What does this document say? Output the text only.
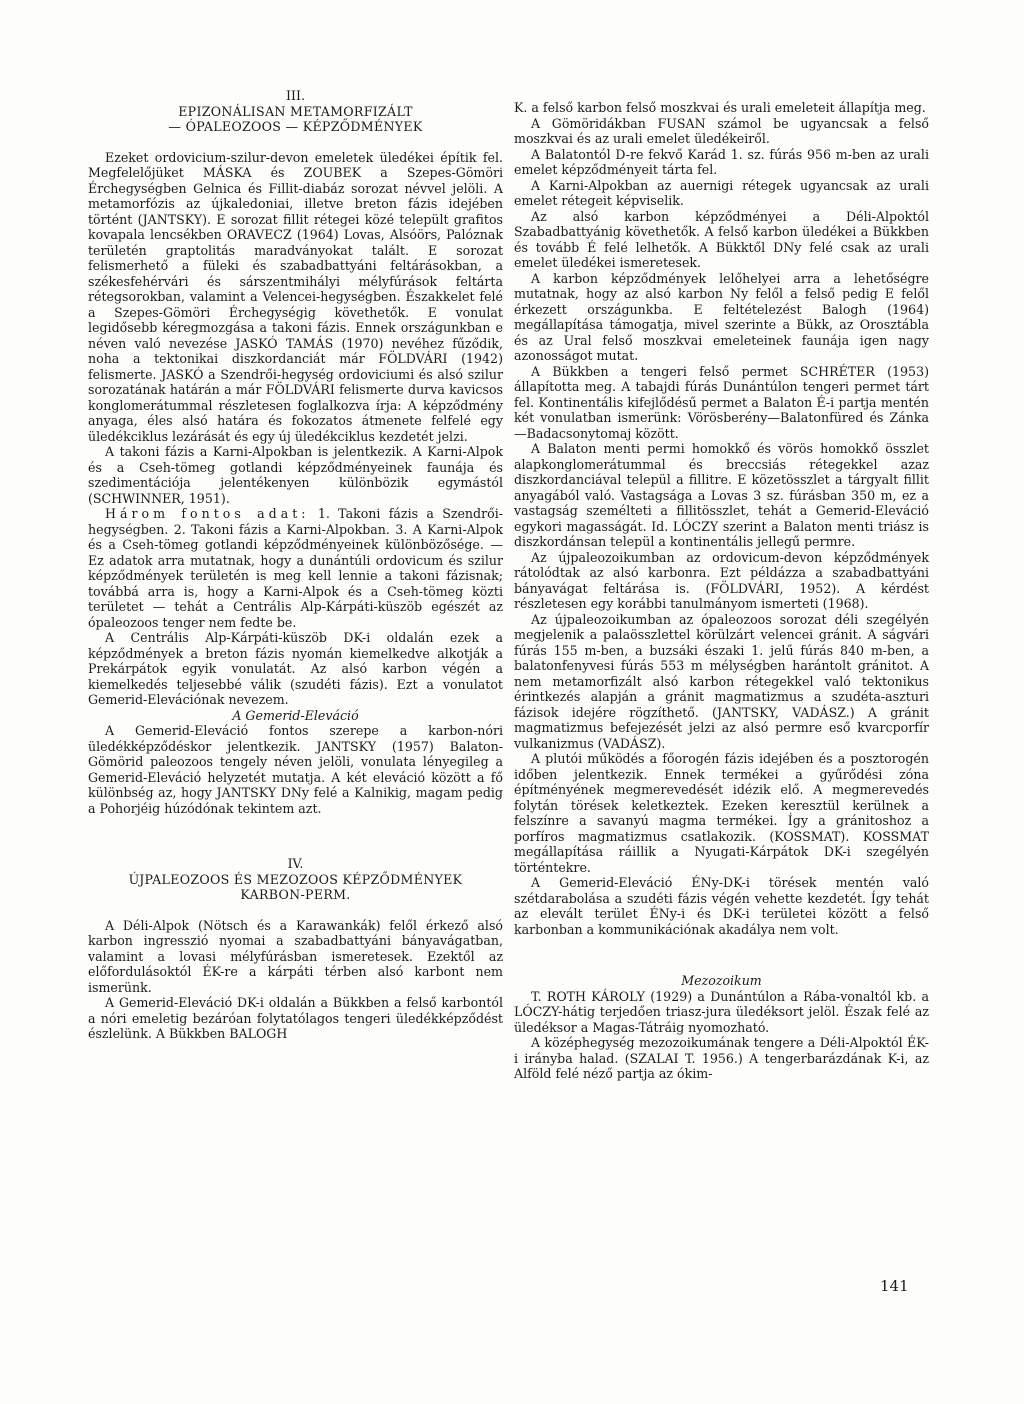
III.

EPIZONÁLISAN METAMORFIZÁLT
— ÓPALEOZOOS — KÉPZŐDMÉNYEK

Ezeket ordovicium-szilur-devon emeletek üledékei építik fel. Megfelelőjüket MÁSKA és ZOUBEK a Szepes-Gömöri Érchegységben Gelnica és Fillit-diabáz sorozat névvel jelöli. A metamorfózis az újkaledoniai, illetve breton fázis idejében történt (JANTSKY). E sorozat fillit rétegei közé települt grafitos kovapala lencsékben ORAVECZ (1964) Lovas, Alsóörs, Palóznak területén graptolitás maradványokat talált. E sorozat felismerhető a füleki és szabadbattyáni feltárásokban, a székesfehérvári és sárszentmihályi mélyfúrások feltárta rétegsorokban, valamint a Velencei-hegységben. Északkelet felé a Szepes-Gömöri Érchegységig követhetők. E vonulat legidősebb kéregmozgása a takoni fázis. Ennek országunkban e néven való nevezése JASKÓ TAMÁS (1970) nevéhez fűződik, noha a tektonikai diszkordanciát már FÖLDVÁRI (1942) felismerte. JASKÓ a Szendrői-hegység ordoviciumi és alsó szilur sorozatának határán a már FÖLDVÁRI felismerte durva kavicsos konglomerátummal részletesen foglalkozva írja: A képződmény anyaga, éles alsó határa és fokozatos átmenete felfelé egy üledékciklus lezárását és egy új üledékciklus kezdetét jelzi.

A takoni fázis a Karni-Alpokban is jelentkezik. A Karni-Alpok és a Cseh-tömeg gotlandi képződményeinek faunája és szedimentációja jelentékenyen különbözik egymástól (SCHWINNER, 1951).

Három fontos adat: 1. Takoni fázis a Szendrői-hegységben. 2. Takoni fázis a Karni-Alpokban. 3. A Karni-Alpok és a Cseh-tömeg gotlandi képződményeinek különbözősége. — Ez adatok arra mutatnak, hogy a dunántúli ordovicum és szilur képződmények területén is meg kell lennie a takoni fázisnak; továbbá arra is, hogy a Karni-Alpok és a Cseh-tömeg közti területet — tehát a Centrális Alp-Kárpáti-küszöb egészét az ópaleozoos tenger nem fedte be.

A Centrális Alp-Kárpáti-küszöb DK-i oldalán ezek a képződmények a breton fázis nyomán kiemelkedve alkotják a Prekárpátok egyik vonulatát. Az alsó karbon végén a kiemelkedés teljesebbé válik (szudéti fázis). Ezt a vonulatot Gemerid-Elevációnak nevezem.

A Gemerid-Eleváció

A Gemerid-Eleváció fontos szerepe a karbon-nóri üledékképződéskor jelentkezik. JANTSKY (1957) Balaton-Gömörid paleozoos tengely néven jelöli, vonulata lényegileg a Gemerid-Eleváció helyzetét mutatja. A két eleváció között a fő különbség az, hogy JANTSKY DNy felé a Kalnikig, magam pedig a Pohorjéig húzódónak tekintem azt.

IV.

ÚJPALEOZOOS ÉS MEZOZOOS KÉPZŐDMÉNYEK
KARBON-PERM.

A Déli-Alpok (Nötsch és a Karawankák) felől érkező alsó karbon ingresszió nyomai a szabadbattyáni bányavágatban, valamint a lovasi mélyfúrásban ismeretesek. Ezektől az előfordulásoktól ÉK-re a kárpáti térben alsó karbont nem ismerünk.

A Gemerid-Eleváció DK-i oldalán a Bükkben a felső karbontól a nóri emeletig bezáróan folytatólagos tengeri üledékképződést észlelünk. A Bükkben BALOGH

K. a felső karbon felső moszkvai és urali emeleteit állapítja meg.

A Gömöridákban FUSAN számol be ugyancsak a felső moszkvai és az urali emelet üledékeiről.

A Balatontól D-re fekvő Karád 1. sz. fúrás 956 m-ben az urali emelet képződményeit tárta fel.

A Karni-Alpokban az auernigi rétegek ugyancsak az urali emelet rétegeit képviselik.

Az alsó karbon képződményei a Déli-Alpoktól Szabadbattyánig követhetők. A felső karbon üledékei a Bükkben és tovább É felé lelhetők. A Bükktől DNy felé csak az urali emelet üledékei ismeretesek.

A karbon képződmények lelőhelyei arra a lehetőségre mutatnak, hogy az alsó karbon Ny felől a felső pedig E felől érkezett országunkba. E feltételezést Balogh (1964) megállapítása támogatja, mivel szerinte a Bükk, az Orosztábla és az Ural felső moszkvai emeleteinek faunája igen nagy azonosságot mutat.

A Bükkben a tengeri felső permet SCHRÉTER (1953) állapította meg. A tabajdi fúrás Dunántúlon tengeri permet tárt fel. Kontinentális kifejlődésű permet a Balaton É-i partja mentén két vonulatban ismerünk: Vörösberény—Balatonfüred és Zánka—Badacsonytomaj között.

A Balaton menti permi homokkő és vörös homokkő összlet alapkonglomerátummal és breccsiás rétegekkel azaz diszkordanciával települ a fillitre. E közetösszlet a tárgyalt fillit anyagából való. Vastagsága a Lovas 3 sz. fúrásban 350 m, ez a vastagság személteti a fillitösszlet, tehát a Gemerid-Eleváció egykori magasságát. Id. LÓCZY szerint a Balaton menti triász is diszkordánsan települ a kontinentális jellegű permre.

Az újpaleozoikumban az ordovicum-devon képződmények rátolódtak az alsó karbonra. Ezt példázza a szabadbattyáni bányavágat feltárása is. (FÖLDVÁRI, 1952). A kérdést részletesen egy korábbi tanulmányom ismerteti (1968).

Az újpaleozoikumban az ópaleozoos sorozat déli szegélyén megjelenik a palaösszlettel körülzárt velencei gránit. A ságvári fúrás 155 m-ben, a buzsáki északi 1. jelű fúrás 840 m-ben, a balatonfenyvesi fúrás 553 m mélységben harántolt gránitot. A nem metamorfizált alsó karbon rétegekkel való tektonikus érintkezés alapján a gránit magmatizmus a szudéta-aszturi fázisok idejére rögzíthető. (JANTSKY, VADÁSZ.) A gránit magmatizmus befejezését jelzi az alsó permre eső kvarcporfír vulkanizmus (VADÁSZ).

A plutói működés a főorogén fázis idejében és a posztorogén időben jelentkezik. Ennek termékei a gyűrődési zóna építményének megmerevedését idézik elő. A megmerevedés folytán törések keletkeztek. Ezeken keresztül kerülnek a felszínre a savanyú magma termékei. Így a gránitoshoz a porfíros magmatizmus csatlakozik. (KOSSMAT). KOSSMAT megállapítása ráillik a Nyugati-Kárpátok DK-i szegélyén történtekre.

A Gemerid-Eleváció ÉNy-DK-i törések mentén való szétdarabolása a szudéti fázis végén vehette kezdetét. Így tehát az elevált terület ÉNy-i és DK-i területei között a felső karbonban a kommunikációnak akadálya nem volt.

Mezozoikum

T. ROTH KÁROLY (1929) a Dunántúlon a Rába-vonaltól kb. a LÓCZY-hátig terjedően triasz-jura üledéksort jelöl. Észak felé az üledéksor a Magas-Tátráig nyomozható.

A középhegység mezozoikumának tengere a Déli-Alpoktól ÉK-i irányba halad. (SZALAI T. 1956.) A tengerbarázdának K-i, az Alföld felé néző partja az ókim-

141
